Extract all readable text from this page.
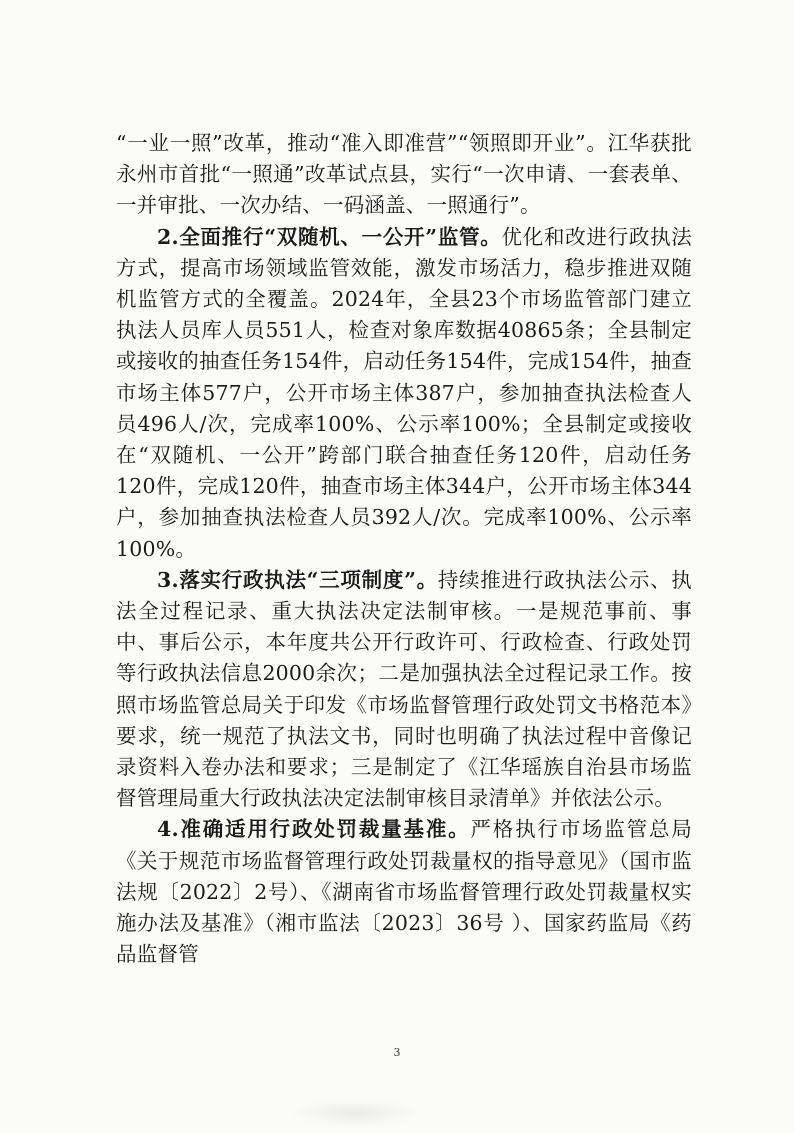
“一业一照”改革，推动“准入即准营”“领照即开业”。江华获批永州市首批“一照通”改革试点县，实行“一次申请、一套表单、一并审批、一次办结、一码涵盖、一照通行”。

2.全面推行“双随机、一公开”监管。优化和改进行政执法方式，提高市场领域监管效能，激发市场活力，稳步推进双随机监管方式的全覆盖。2024年，全县23个市场监管部门建立执法人员库人员551人，检查对象库数据40865条；全县制定或接收的抽查任务154件，启动任务154件，完成154件，抽查市场主体577户，公开市场主体387户，参加抽查执法检查人员496人/次，完成率100%、公示率100%；全县制定或接收在“双随机、一公开”跨部门联合抽查任务120件，启动任务120件，完成120件，抽查市场主体344户，公开市场主体344户，参加抽查执法检查人员392人/次。完成率100%、公示率100%。

3.落实行政执法“三项制度”。持续推进行政执法公示、执法全过程记录、重大执法决定法制审核。一是规范事前、事中、事后公示，本年度共公开行政许可、行政检查、行政处罚等行政执法信息2000余次；二是加强执法全过程记录工作。按照市场监管总局关于印发《市场监督管理行政处罚文书格范本》要求，统一规范了执法文书，同时也明确了执法过程中音像记录资料入卷办法和要求；三是制定了《江华瑶族自治县市场监督管理局重大行政执法决定法制审核目录清单》并依法公示。

4.准确适用行政处罚裁量基准。严格执行市场监管总局《关于规范市场监督管理行政处罚裁量权的指导意见》（国市监法规〔2022〕2号）、《湖南省市场监督管理行政处罚裁量权实施办法及基准》（湘市监法〔2023〕36号 ）、国家药监局《药品监督管

3
